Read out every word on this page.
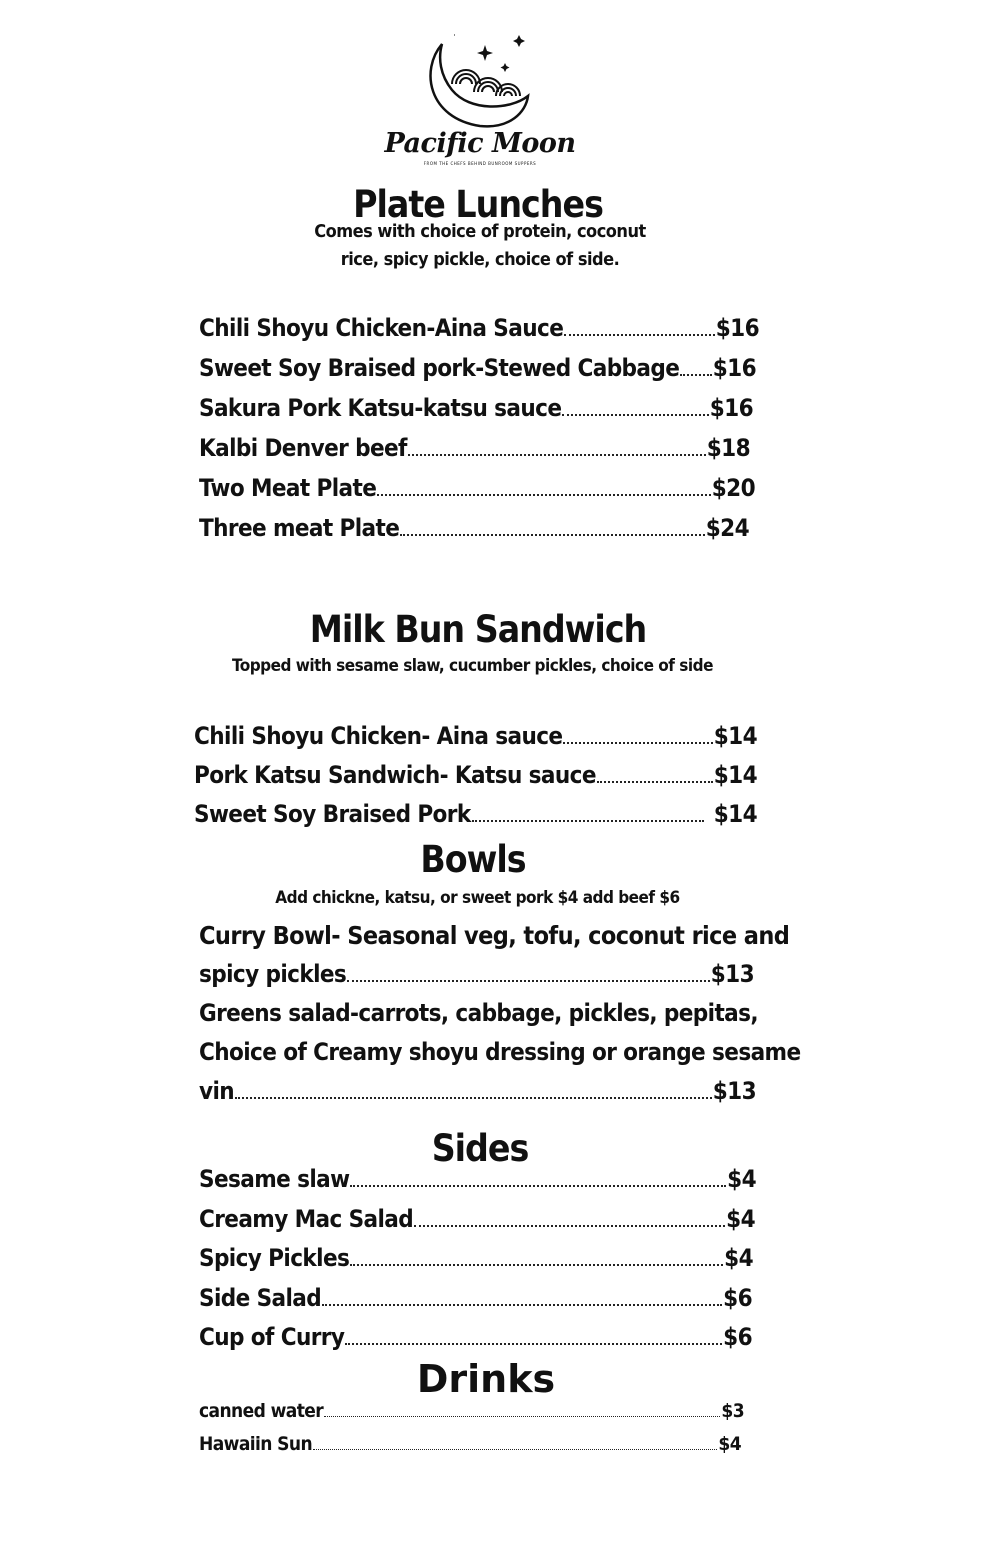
˙
Pacific Moon
FROM THE CHEFS BEHIND BUNROOM SUPPERS
Plate Lunches
Comes with choice of protein, coconut
rice, spicy pickle, choice of side.
Chili Shoyu Chicken-Aina Sauce	$16
Sweet Soy Braised pork-Stewed Cabbage $16
Sakura Pork Katsu-katsu sauce	$16
Kalbi Denver beef	$18
Two Meat Plate	$20
Three meat Plate	$24
Milk Bun Sandwich
Topped with sesame slaw, cucumber pickles, choice of side
Chili Shoyu Chicken- Aina sauce	$14
Pork Katsu Sandwich- Katsu sauce	$14
Sweet Soy Braised Pork	$14
Bowls
Add chickne, katsu, or sweet pork $4 add beef $6
Curry Bowl- Seasonal veg, tofu, coconut rice and
spicy pickles	$13
Greens salad-carrots, cabbage, pickles, pepitas,
Choice of Creamy shoyu dressing or orange sesame
vin	$13
Sides
Sesame slaw	$4
Creamy Mac Salad	$4
Spicy Pickles	$4
Side Salad	$6
Cup of Curry	$6
Drinks
canned water	$3
Hawaiin Sun	$4
